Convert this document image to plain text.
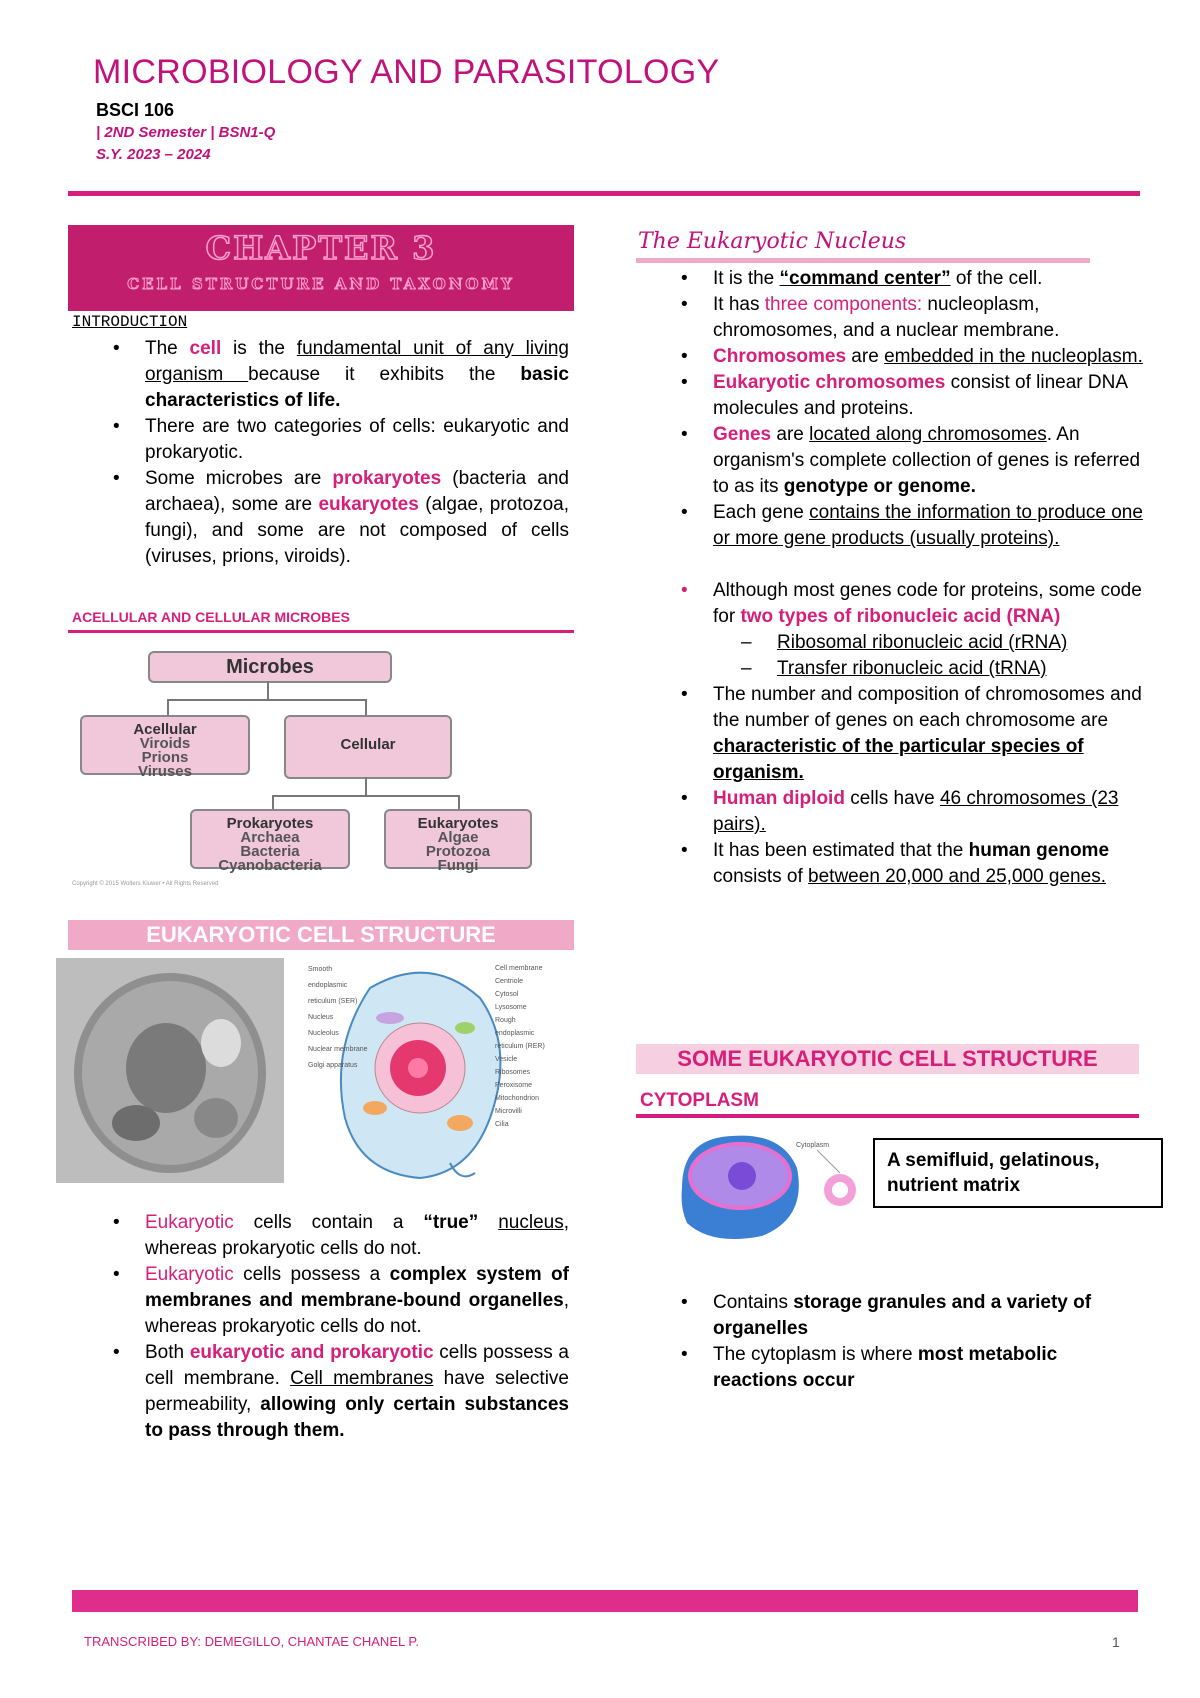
MICROBIOLOGY AND PARASITOLOGY
BSCI 106
| 2ND Semester | BSN1-Q
S.Y. 2023 – 2024
CHAPTER 3
CELL STRUCTURE AND TAXONOMY
INTRODUCTION
• The cell is the fundamental unit of any living organism because it exhibits the basic characteristics of life.
• There are two categories of cells: eukaryotic and prokaryotic.
• Some microbes are prokaryotes (bacteria and archaea), some are eukaryotes (algae, protozoa, fungi), and some are not composed of cells (viruses, prions, viroids).
ACELLULAR AND CELLULAR MICROBES
Microbes
Acellular
Viroids
Prions
Viruses
Cellular
Prokaryotes
Archaea
Bacteria
Cyanobacteria
Eukaryotes
Algae
Protozoa
Fungi
Copyright © 2015 Wolters Kluwer • All Rights Reserved
EUKARYOTIC CELL STRUCTURE
Smooth endoplasmic reticulum (SER)
Nucleus
Nucleolus
Nuclear membrane
Golgi apparatus
Cell membrane
Centriole
Cytosol
Lysosome
Rough endoplasmic reticulum (RER)
Vesicle
Ribosomes
Peroxisome
Mitochondrion
Microvilli
Cilia
• Eukaryotic cells contain a “true” nucleus, whereas prokaryotic cells do not.
• Eukaryotic cells possess a complex system of membranes and membrane-bound organelles, whereas prokaryotic cells do not.
• Both eukaryotic and prokaryotic cells possess a cell membrane. Cell membranes have selective permeability, allowing only certain substances to pass through them.
The Eukaryotic Nucleus
• It is the “command center” of the cell.
• It has three components: nucleoplasm, chromosomes, and a nuclear membrane.
• Chromosomes are embedded in the nucleoplasm.
• Eukaryotic chromosomes consist of linear DNA molecules and proteins.
• Genes are located along chromosomes. An organism's complete collection of genes is referred to as its genotype or genome.
• Each gene contains the information to produce one or more gene products (usually proteins).
• Although most genes code for proteins, some code for two types of ribonucleic acid (RNA)
– Ribosomal ribonucleic acid (rRNA)
– Transfer ribonucleic acid (tRNA)
• The number and composition of chromosomes and the number of genes on each chromosome are characteristic of the particular species of organism.
• Human diploid cells have 46 chromosomes (23 pairs).
• It has been estimated that the human genome consists of between 20,000 and 25,000 genes.
SOME EUKARYOTIC CELL STRUCTURE
CYTOPLASM
Cytoplasm
A semifluid, gelatinous, nutrient matrix
• Contains storage granules and a variety of organelles
• The cytoplasm is where most metabolic reactions occur
TRANSCRIBED BY: DEMEGILLO, CHANTAE CHANEL P.	1
